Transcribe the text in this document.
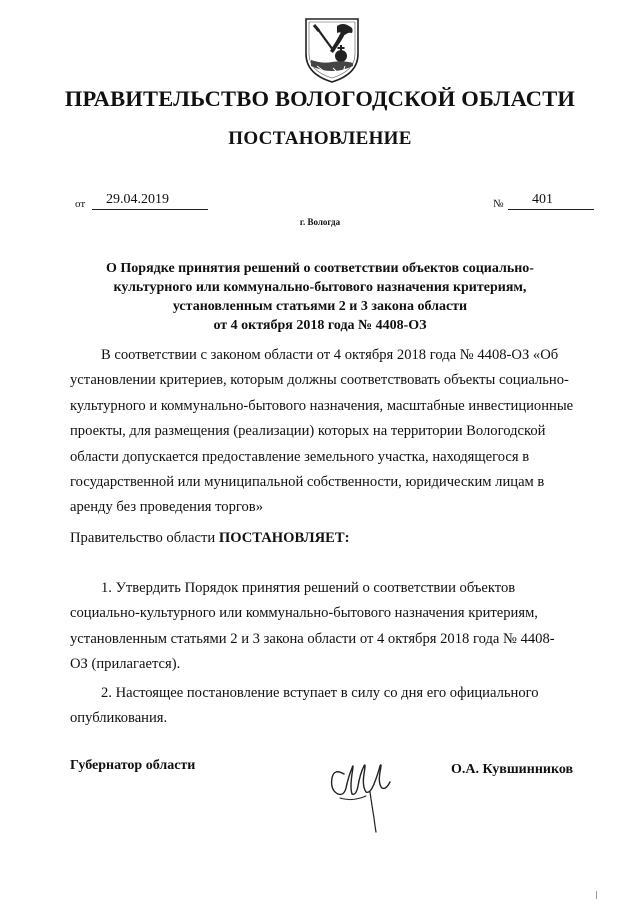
ПРАВИТЕЛЬСТВО ВОЛОГОДСКОЙ ОБЛАСТИ
ПОСТАНОВЛЕНИЕ
от	29.04.2019	№	401
г. Вологда
О Порядке принятия решений о соответствии объектов социально-
культурного или коммунально-бытового назначения критериям,
установленным статьями 2 и 3 закона области
от 4 октября 2018 года № 4408-ОЗ
В соответствии с законом области от 4 октября 2018 года № 4408-ОЗ «Об
установлении критериев, которым должны соответствовать объекты социально-
культурного и коммунально-бытового назначения, масштабные инвестиционные
проекты, для размещения (реализации) которых на территории Вологодской
области допускается предоставление земельного участка, находящегося в
государственной или муниципальной собственности, юридическим лицам в
аренду без проведения торгов»
Правительство области ПОСТАНОВЛЯЕТ:
1. Утвердить Порядок принятия решений о соответствии объектов
социально-культурного или коммунально-бытового назначения критериям,
установленным статьями 2 и 3 закона области от 4 октября 2018 года № 4408-
ОЗ (прилагается).
2. Настоящее постановление вступает в силу со дня его официального
опубликования.
Губернатор области	О.А. Кувшинников
